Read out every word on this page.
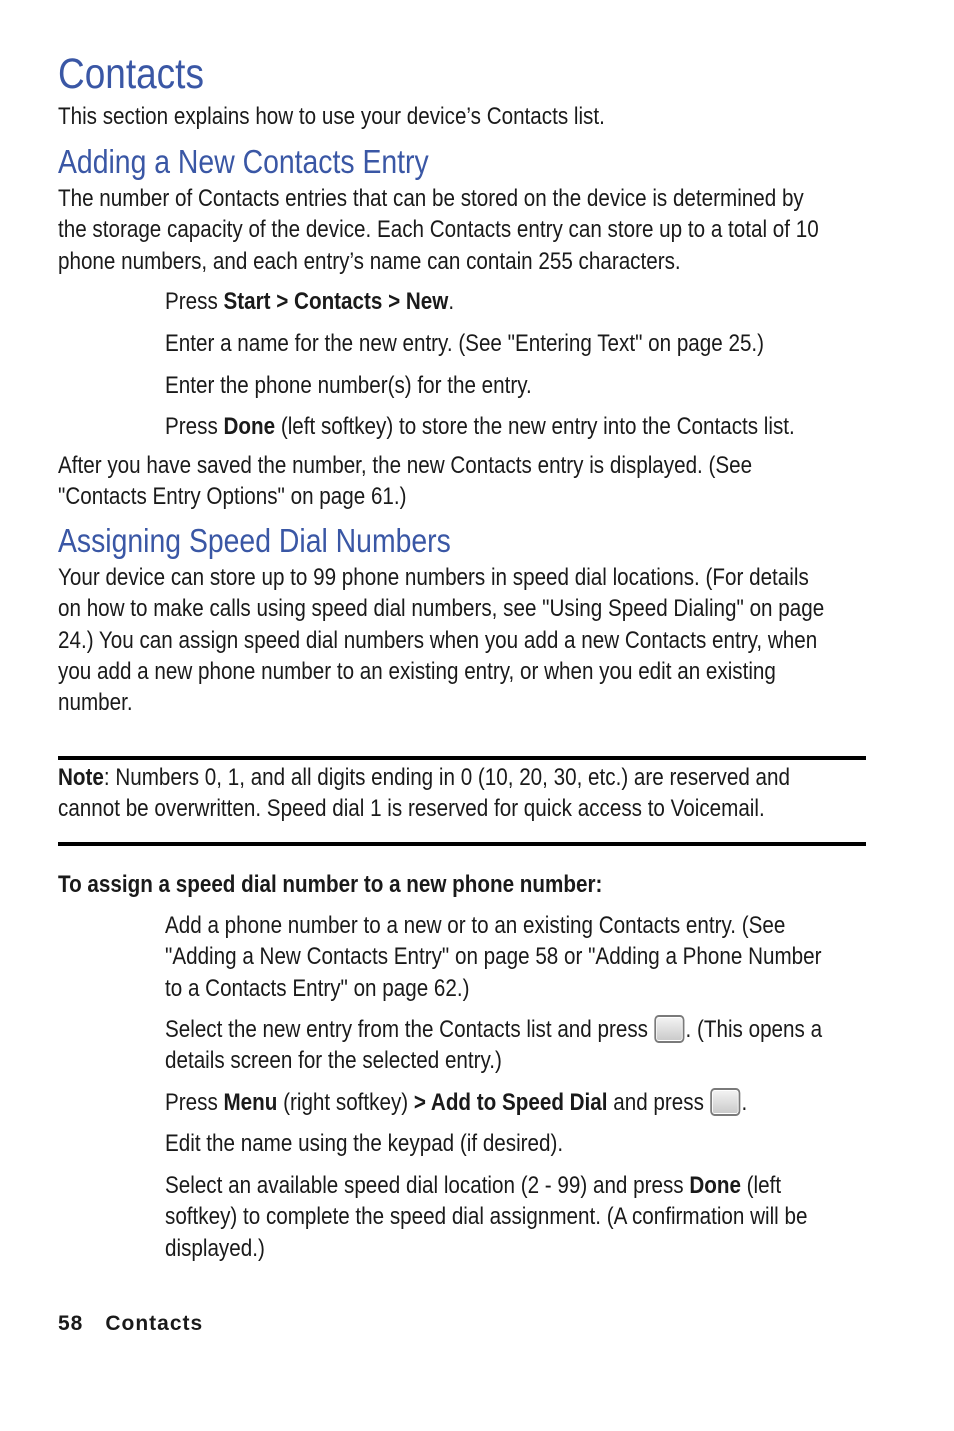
Contacts
This section explains how to use your device’s Contacts list.
Adding a New Contacts Entry
The number of Contacts entries that can be stored on the device is determined by
the storage capacity of the device. Each Contacts entry can store up to a total of 10
phone numbers, and each entry’s name can contain 255 characters.
Press Start > Contacts > New.
Enter a name for the new entry. (See "Entering Text" on page 25.)
Enter the phone number(s) for the entry.
Press Done (left softkey) to store the new entry into the Contacts list.
After you have saved the number, the new Contacts entry is displayed. (See
"Contacts Entry Options" on page 61.)
Assigning Speed Dial Numbers
Your device can store up to 99 phone numbers in speed dial locations. (For details
on how to make calls using speed dial numbers, see "Using Speed Dialing" on page
24.) You can assign speed dial numbers when you add a new Contacts entry, when
you add a new phone number to an existing entry, or when you edit an existing
number.
Note: Numbers 0, 1, and all digits ending in 0 (10, 20, 30, etc.) are reserved and
cannot be overwritten. Speed dial 1 is reserved for quick access to Voicemail.
To assign a speed dial number to a new phone number:
Add a phone number to a new or to an existing Contacts entry. (See
"Adding a New Contacts Entry" on page 58 or "Adding a Phone Number
to a Contacts Entry" on page 62.)
Select the new entry from the Contacts list and press . (This opens a
details screen for the selected entry.)
Press Menu (right softkey) > Add to Speed Dial and press .
Edit the name using the keypad (if desired).
Select an available speed dial location (2 - 99) and press Done (left
softkey) to complete the speed dial assignment. (A confirmation will be
displayed.)
58 Contacts
